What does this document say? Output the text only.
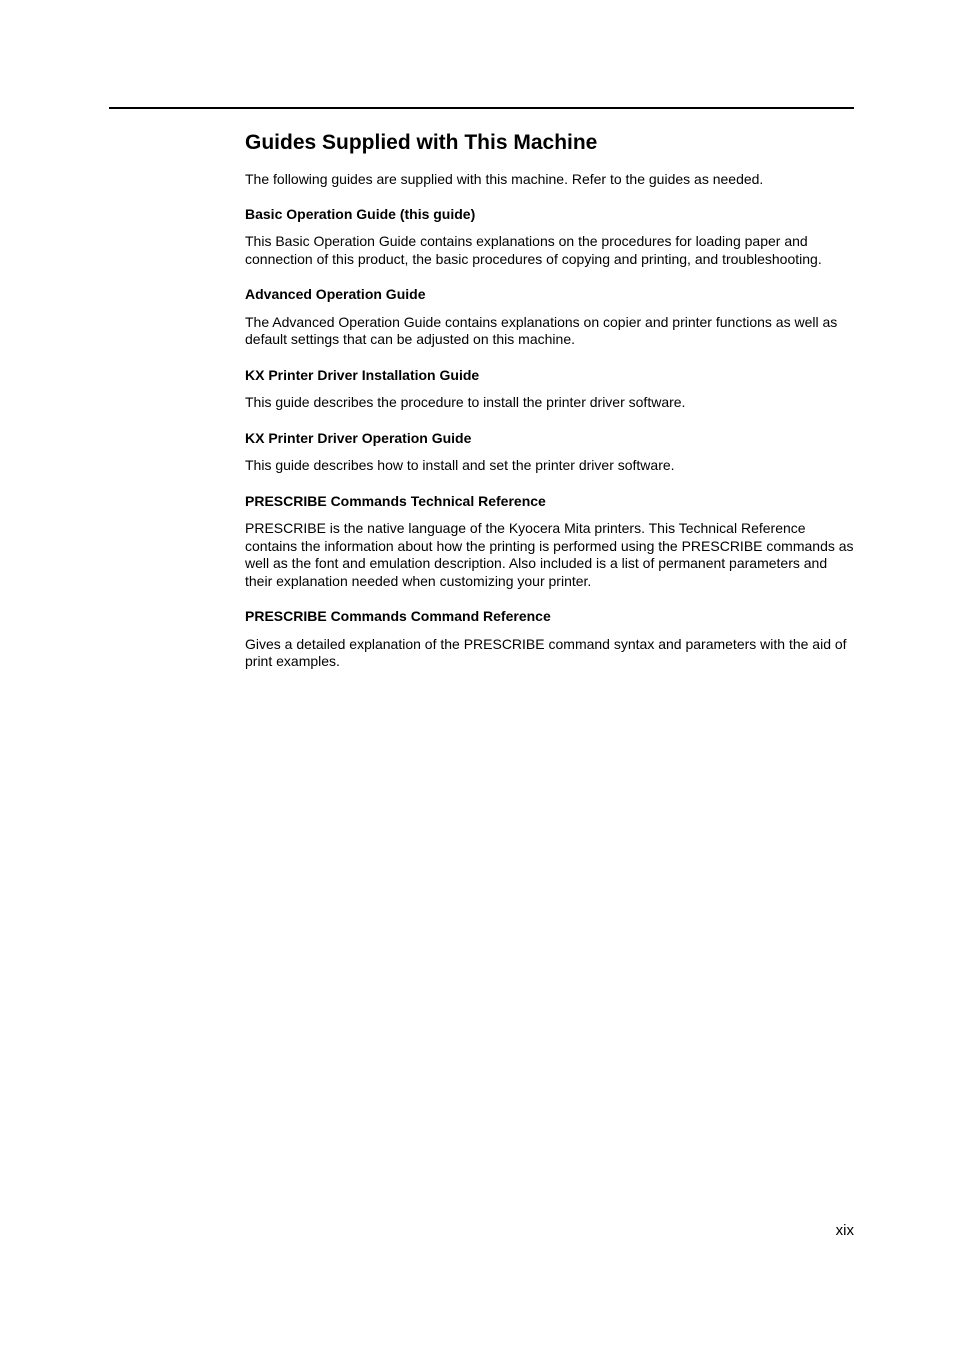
Guides Supplied with This Machine

The following guides are supplied with this machine. Refer to the guides as needed.

Basic Operation Guide (this guide)

This Basic Operation Guide contains explanations on the procedures for loading paper and connection of this product, the basic procedures of copying and printing, and troubleshooting.

Advanced Operation Guide

The Advanced Operation Guide contains explanations on copier and printer functions as well as default settings that can be adjusted on this machine.

KX Printer Driver Installation Guide

This guide describes the procedure to install the printer driver software.

KX Printer Driver Operation Guide

This guide describes how to install and set the printer driver software.

PRESCRIBE Commands Technical Reference

PRESCRIBE is the native language of the Kyocera Mita printers. This Technical Reference contains the information about how the printing is performed using the PRESCRIBE commands as well as the font and emulation description. Also included is a list of permanent parameters and their explanation needed when customizing your printer.

PRESCRIBE Commands Command Reference

Gives a detailed explanation of the PRESCRIBE command syntax and parameters with the aid of print examples.

xix
